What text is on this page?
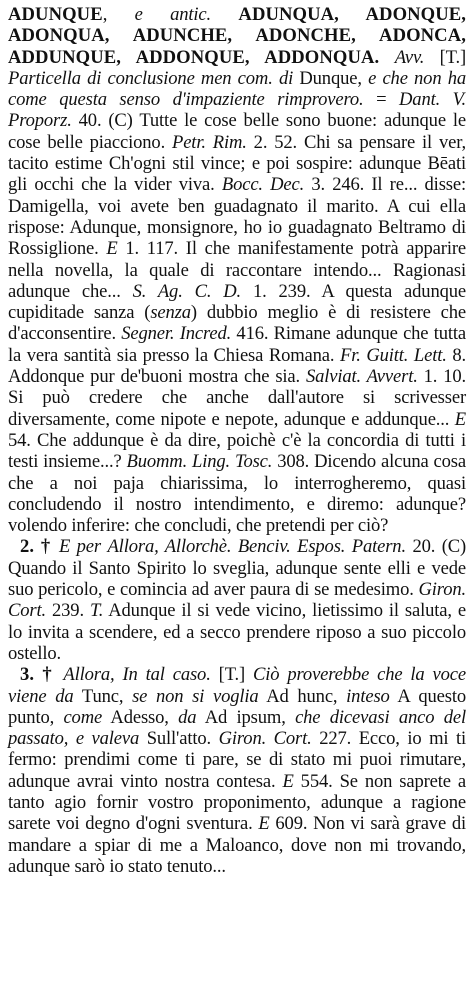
ADUNQUE, e antic. ADUNQUA, ADONQUE, ADONQUA, ADUNCHE, ADONCHE, ADONCA, ADDUNQUE, ADDONQUE, ADDONQUA. Avv. [T.] Particella di conclusione men com. di Dunque, e che non ha come questa senso d'impaziente rimprovero. = Dant. V. Proporz. 40. (C) Tutte le cose belle sono buone: adunque le cose belle piacciono. Petr. Rim. 2. 52. Chi sa pensare il ver, tacito estime Ch'ogni stil vince; e poi sospire: adunque Bēati gli occhi che la vider viva. Bocc. Dec. 3. 246. Il re... disse: Damigella, voi avete ben guadagnato il marito. A cui ella rispose: Adunque, monsignore, ho io guadagnato Beltramo di Rossiglione. E 1. 117. Il che manifestamente potrà apparire nella novella, la quale di raccontare intendo... Ragionasi adunque che... S. Ag. C. D. 1. 239. A questa adunque cupiditade sanza (senza) dubbio meglio è di resistere che d'acconsentire. Segner. Incred. 416. Rimane adunque che tutta la vera santità sia presso la Chiesa Romana. Fr. Guitt. Lett. 8. Addonque pur de'buoni mostra che sia. Salviat. Avvert. 1. 10. Si può credere che anche dall'autore si scrivesser diversamente, come nipote e nepote, adunque e addunque... E 54. Che addunque è da dire, poichè c'è la concordia di tutti i testi insieme...? Buomm. Ling. Tosc. 308. Dicendo alcuna cosa che a noi paja chiarissima, lo interrogheremo, quasi concludendo il nostro intendimento, e diremo: adunque? volendo inferire: che concludi, che pretendi per ciò?

2. † E per Allora, Allorchè. Benciv. Espos. Patern. 20. (C) Quando il Santo Spirito lo sveglia, adunque sente elli e vede suo pericolo, e comincia ad aver paura di se medesimo. Giron. Cort. 239. T. Adunque il si vede vicino, lietissimo il saluta, e lo invita a scendere, ed a secco prendere riposo a suo piccolo ostello.

3. † Allora, In tal caso. [T.] Ciò proverebbe che la voce viene da Tunc, se non si voglia Ad hunc, inteso A questo punto, come Adesso, da Ad ipsum, che dicevasi anco del passato, e valeva Sull'atto. Giron. Cort. 227. Ecco, io mi ti fermo: prendimi come ti pare, se di stato mi puoi rimutare, adunque avrai vinto nostra contesa. E 554. Se non saprete a tanto agio fornir vostro proponimento, adunque a ragione sarete voi degno d'ogni sventura. E 609. Non vi sarà grave di mandare a spiar di me a Maloanco, dove non mi trovando, adunque sarò io stato tenuto...
